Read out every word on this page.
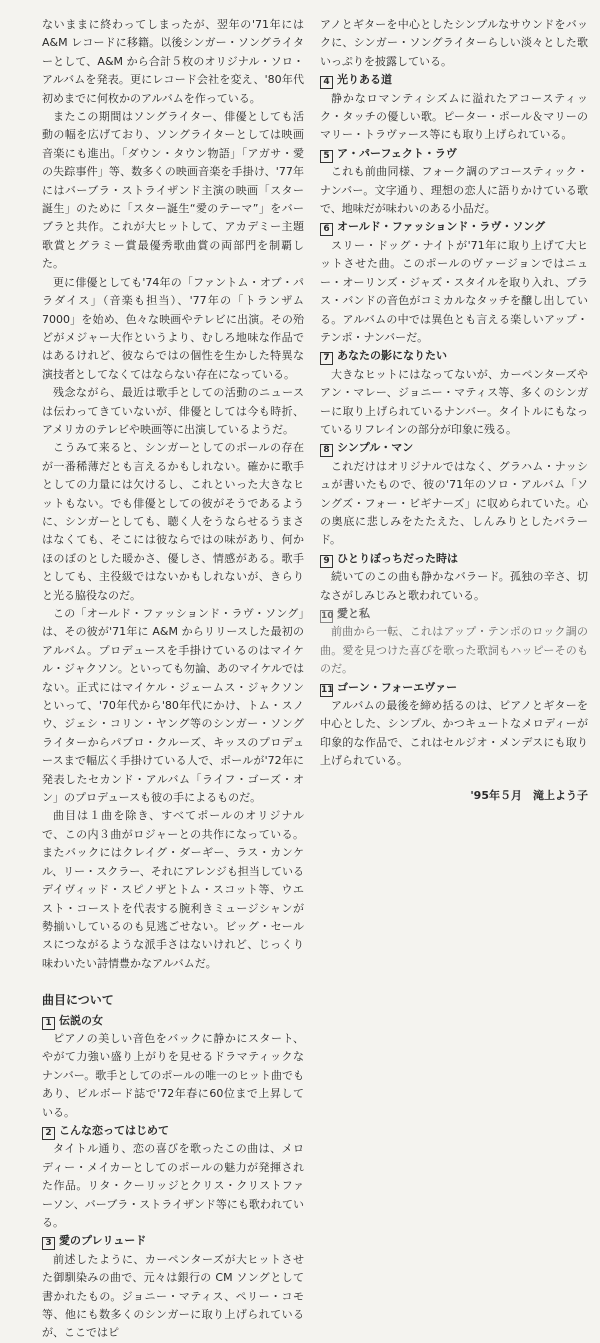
ないままに終わってしまったが、翌年の'71年には A&M レコードに移籍。以後シンガー・ソングライターとして、A&M から合計５枚のオリジナル・ソロ・アルバムを発表。更にレコード会社を変え、'80年代初めまでに何枚かのアルバムを作っている。

またこの期間はソングライター、俳優としても活動の幅を広げており、ソングライターとしては映画音楽にも進出。「ダウン・タウン物語」「アガサ・愛の失踪事件」等、数多くの映画音楽を手掛け、'77年にはバーブラ・ストライザンド主演の映画「スター誕生」のために「スター誕生“愛のテーマ”」をバーブラと共作。これが大ヒットして、アカデミー主題歌賞とグラミー賞最優秀歌曲賞の両部門を制覇した。

更に俳優としても'74年の「ファントム・オブ・パラダイス」（音楽も担当）、'77年の「トランザム7000」を始め、色々な映画やテレビに出演。その殆どがメジャー大作というより、むしろ地味な作品ではあるけれど、彼ならではの個性を生かした特異な演技者としてなくてはならない存在になっている。

残念ながら、最近は歌手としての活動のニュースは伝わってきていないが、俳優としては今も時折、アメリカのテレビや映画等に出演しているようだ。

こうみて来ると、シンガーとしてのポールの存在が一番稀薄だとも言えるかもしれない。確かに歌手としての力量には欠けるし、これといった大きなヒットもない。でも俳優としての彼がそうであるように、シンガーとしても、聴く人をうならせるうまさはなくても、そこには彼ならではの味があり、何かほのぼのとした暖かさ、優しさ、情感がある。歌手としても、主役級ではないかもしれないが、きらりと光る脇役なのだ。

この「オールド・ファッションド・ラヴ・ソング」は、その彼が'71年に A&M からリリースした最初のアルバム。プロデュースを手掛けているのはマイケル・ジャクソン。といっても勿論、あのマイケルではない。正式にはマイケル・ジェームス・ジャクソンといって、'70年代から'80年代にかけ、トム・スノウ、ジェシ・コリン・ヤング等のシンガー・ソングライターからパブロ・クルーズ、キッスのプロデュースまで幅広く手掛けている人で、ポールが'72年に発表したセカンド・アルバム「ライフ・ゴーズ・オン」のプロデュースも彼の手によるものだ。

曲目は１曲を除き、すべてポールのオリジナルで、この内３曲がロジャーとの共作になっている。またバックにはクレイグ・ダーギー、ラス・カンケル、リー・スクラー、それにアレンジも担当しているデイヴィッド・スピノザとトム・スコット等、ウエスト・コーストを代表する腕利きミュージシャンが勢揃いしているのも見逃ごせない。ビッグ・セールスにつながるような派手さはないけれど、じっくり味わいたい詩情豊かなアルバムだ。

曲目について
1 伝説の女

ピアノの美しい音色をバックに静かにスタート、やがて力強い盛り上がりを見せるドラマティックなナンバー。歌手としてのポールの唯一のヒット曲でもあり、ビルボード誌で'72年春に60位まで上昇している。

2 こんな恋ってはじめて

タイトル通り、恋の喜びを歌ったこの曲は、メロディー・メイカーとしてのポールの魅力が発揮された作品。リタ・クーリッジとクリス・クリストファーソン、バーブラ・ストライザンド等にも歌われている。

3 愛のプレリュード

前述したように、カーペンターズが大ヒットさせた御馴染みの曲で、元々は銀行の CM ソングとして書かれたもの。ジョニー・マティス、ペリー・コモ等、他にも数多くのシンガーに取り上げられているが、ここではピ

アノとギターを中心としたシンプルなサウンドをバックに、シンガー・ソングライターらしい淡々とした歌いっぷりを披露している。

4 光りある道

静かなロマンティシズムに溢れたアコースティック・タッチの優しい歌。ピーター・ポール＆マリーのマリー・トラヴァース等にも取り上げられている。

5 ア・パーフェクト・ラヴ

これも前曲同様、フォーク調のアコースティック・ナンバー。文字通り、理想の恋人に語りかけている歌で、地味だが味わいのある小品だ。

6 オールド・ファッションド・ラヴ・ソング

スリー・ドッグ・ナイトが'71年に取り上げて大ヒットさせた曲。このポールのヴァージョンではニュー・オーリンズ・ジャズ・スタイルを取り入れ、ブラス・バンドの音色がコミカルなタッチを醸し出している。アルバムの中では異色とも言える楽しいアップ・テンポ・ナンバーだ。

7 あなたの影になりたい

大きなヒットにはなってないが、カーペンターズやアン・マレー、ジョニー・マティス等、多くのシンガーに取り上げられているナンバー。タイトルにもなっているリフレインの部分が印象に残る。

8 シンプル・マン

これだけはオリジナルではなく、グラハム・ナッシュが書いたもので、彼の'71年のソロ・アルバム「ソングズ・フォー・ビギナーズ」に収められていた。心の奥底に悲しみをたたえた、しんみりとしたバラード。

9 ひとりぼっちだった時は

続いてのこの曲も静かなバラード。孤独の辛さ、切なさがしみじみと歌われている。

10 愛と私

前曲から一転、これはアップ・テンポのロック調の曲。愛を見つけた喜びを歌った歌詞もハッピーそのものだ。

11 ゴーン・フォーエヴァー

アルバムの最後を締め括るのは、ピアノとギターを中心とした、シンプル、かつキュートなメロディーが印象的な作品で、これはセルジオ・メンデスにも取り上げられている。

'95年５月　滝上よう子
